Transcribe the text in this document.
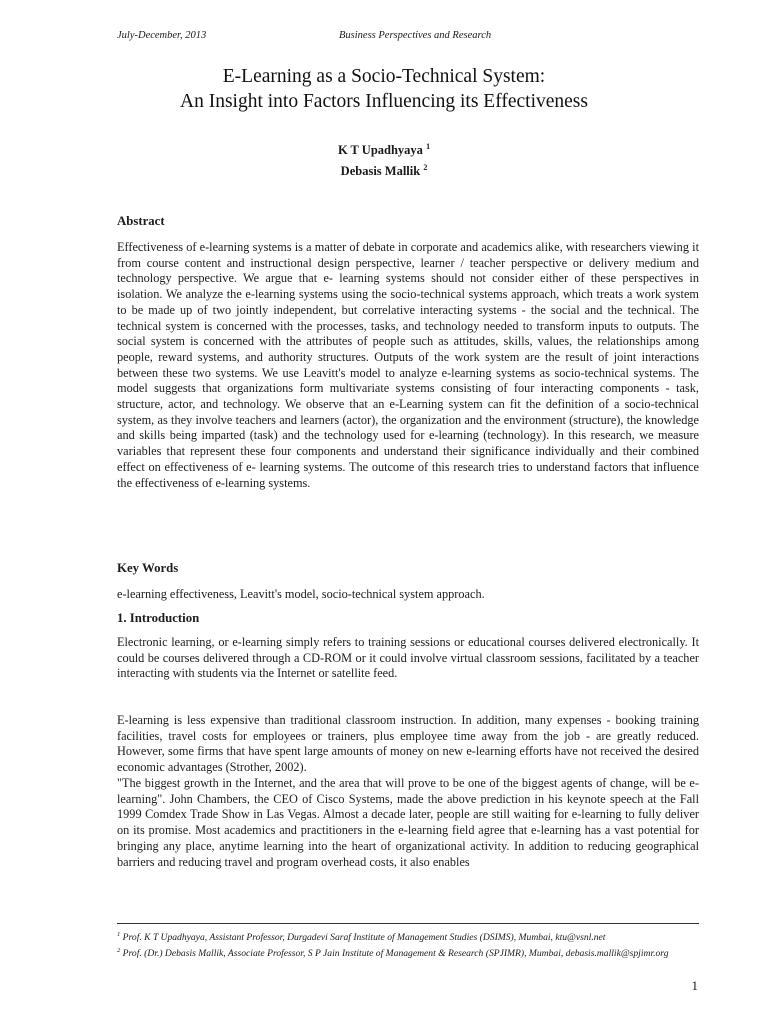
July-December, 2013	Business Perspectives and Research
E-Learning as a Socio-Technical System:
An Insight into Factors Influencing its Effectiveness
K T Upadhyaya $^1$
Debasis Mallik $^2$
Abstract

Effectiveness of e-learning systems is a matter of debate in corporate and academics alike, with researchers viewing it from course content and instructional design perspective, learner / teacher perspective or delivery medium and technology perspective. We argue that e- learning systems should not consider either of these perspectives in isolation. We analyze the e-learning systems using the socio-technical systems approach, which treats a work system to be made up of two jointly independent, but correlative interacting systems - the social and the technical. The technical system is concerned with the processes, tasks, and technology needed to transform inputs to outputs. The social system is concerned with the attributes of people such as attitudes, skills, values, the relationships among people, reward systems, and authority structures. Outputs of the work system are the result of joint interactions between these two systems. We use Leavitt's model to analyze e-learning systems as socio-technical systems. The model suggests that organizations form multivariate systems consisting of four interacting components - task, structure, actor, and technology. We observe that an e-Learning system can fit the definition of a socio-technical system, as they involve teachers and learners (actor), the organization and the environment (structure), the knowledge and skills being imparted (task) and the technology used for e-learning (technology). In this research, we measure variables that represent these four components and understand their significance individually and their combined effect on effectiveness of e- learning systems. The outcome of this research tries to understand factors that influence the effectiveness of e-learning systems.

Key Words

e-learning effectiveness, Leavitt's model, socio-technical system approach.

1. Introduction

Electronic learning, or e-learning simply refers to training sessions or educational courses delivered electronically. It could be courses delivered through a CD-ROM or it could involve virtual classroom sessions, facilitated by a teacher interacting with students via the Internet or satellite feed.

E-learning is less expensive than traditional classroom instruction. In addition, many expenses - booking training facilities, travel costs for employees or trainers, plus employee time away from the job - are greatly reduced. However, some firms that have spent large amounts of money on new e-learning efforts have not received the desired economic advantages (Strother, 2002).

"The biggest growth in the Internet, and the area that will prove to be one of the biggest agents of change, will be e-learning". John Chambers, the CEO of Cisco Systems, made the above prediction in his keynote speech at the Fall 1999 Comdex Trade Show in Las Vegas. Almost a decade later, people are still waiting for e-learning to fully deliver on its promise. Most academics and practitioners in the e-learning field agree that e-learning has a vast potential for bringing any place, anytime learning into the heart of organizational activity. In addition to reducing geographical barriers and reducing travel and program overhead costs, it also enables

$^1$ Prof. K T Upadhyaya, Assistant Professor, Durgadevi Saraf Institute of Management Studies (DSIMS), Mumbai, ktu@vsnl.net
$^2$ Prof. (Dr.) Debasis Mallik, Associate Professor, S P Jain Institute of Management & Research (SPJIMR), Mumbai, debasis.mallik@spjimr.org
1
